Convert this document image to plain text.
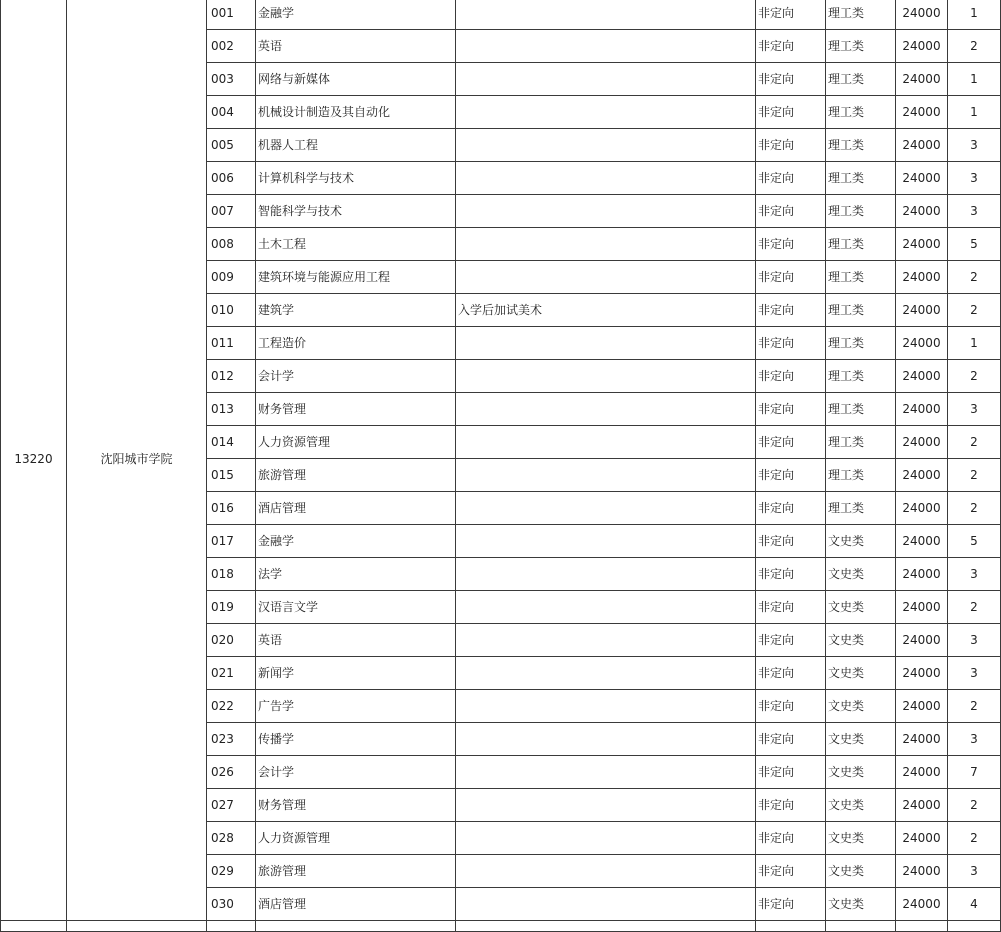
13220	沈阳城市学院	001	金融学		非定向	理工类	24000	1
		002	英语		非定向	理工类	24000	2
		003	网络与新媒体		非定向	理工类	24000	1
		004	机械设计制造及其自动化		非定向	理工类	24000	1
		005	机器人工程		非定向	理工类	24000	3
		006	计算机科学与技术		非定向	理工类	24000	3
		007	智能科学与技术		非定向	理工类	24000	3
		008	土木工程		非定向	理工类	24000	5
		009	建筑环境与能源应用工程		非定向	理工类	24000	2
		010	建筑学	入学后加试美术	非定向	理工类	24000	2
		011	工程造价		非定向	理工类	24000	1
		012	会计学		非定向	理工类	24000	2
		013	财务管理		非定向	理工类	24000	3
		014	人力资源管理		非定向	理工类	24000	2
		015	旅游管理		非定向	理工类	24000	2
		016	酒店管理		非定向	理工类	24000	2
		017	金融学		非定向	文史类	24000	5
		018	法学		非定向	文史类	24000	3
		019	汉语言文学		非定向	文史类	24000	2
		020	英语		非定向	文史类	24000	3
		021	新闻学		非定向	文史类	24000	3
		022	广告学		非定向	文史类	24000	2
		023	传播学		非定向	文史类	24000	3
		026	会计学		非定向	文史类	24000	7
		027	财务管理		非定向	文史类	24000	2
		028	人力资源管理		非定向	文史类	24000	2
		029	旅游管理		非定向	文史类	24000	3
		030	酒店管理		非定向	文史类	24000	4
